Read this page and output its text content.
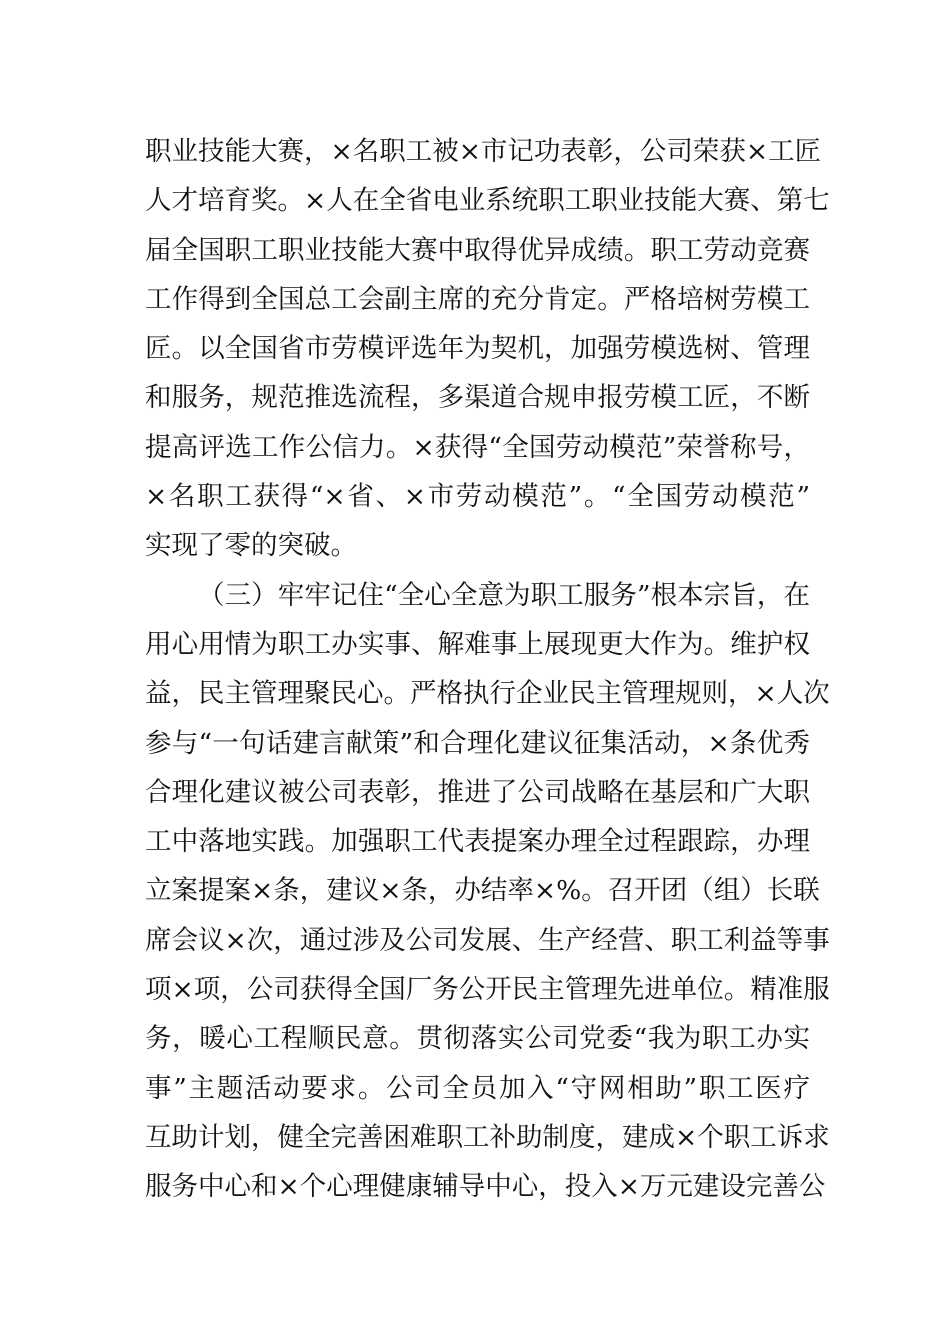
职业技能大赛，×名职工被×市记功表彰，公司荣获×工匠
人才培育奖。×人在全省电业系统职工职业技能大赛、第七
届全国职工职业技能大赛中取得优异成绩。职工劳动竞赛
工作得到全国总工会副主席的充分肯定。严格培树劳模工
匠。以全国省市劳模评选年为契机，加强劳模选树、管理
和服务，规范推选流程，多渠道合规申报劳模工匠，不断
提高评选工作公信力。×获得“全国劳动模范”荣誉称号，
×名职工获得“×省、×市劳动模范”。“全国劳动模范”
实现了零的突破。
（三）牢牢记住“全心全意为职工服务”根本宗旨，在
用心用情为职工办实事、解难事上展现更大作为。维护权
益，民主管理聚民心。严格执行企业民主管理规则，×人次
参与“一句话建言献策”和合理化建议征集活动，×条优秀
合理化建议被公司表彰，推进了公司战略在基层和广大职
工中落地实践。加强职工代表提案办理全过程跟踪，办理
立案提案×条，建议×条，办结率×%。召开团（组）长联
席会议×次，通过涉及公司发展、生产经营、职工利益等事
项×项，公司获得全国厂务公开民主管理先进单位。精准服
务，暖心工程顺民意。贯彻落实公司党委“我为职工办实
事”主题活动要求。公司全员加入“守网相助”职工医疗
互助计划，健全完善困难职工补助制度，建成×个职工诉求
服务中心和×个心理健康辅导中心，投入×万元建设完善公
